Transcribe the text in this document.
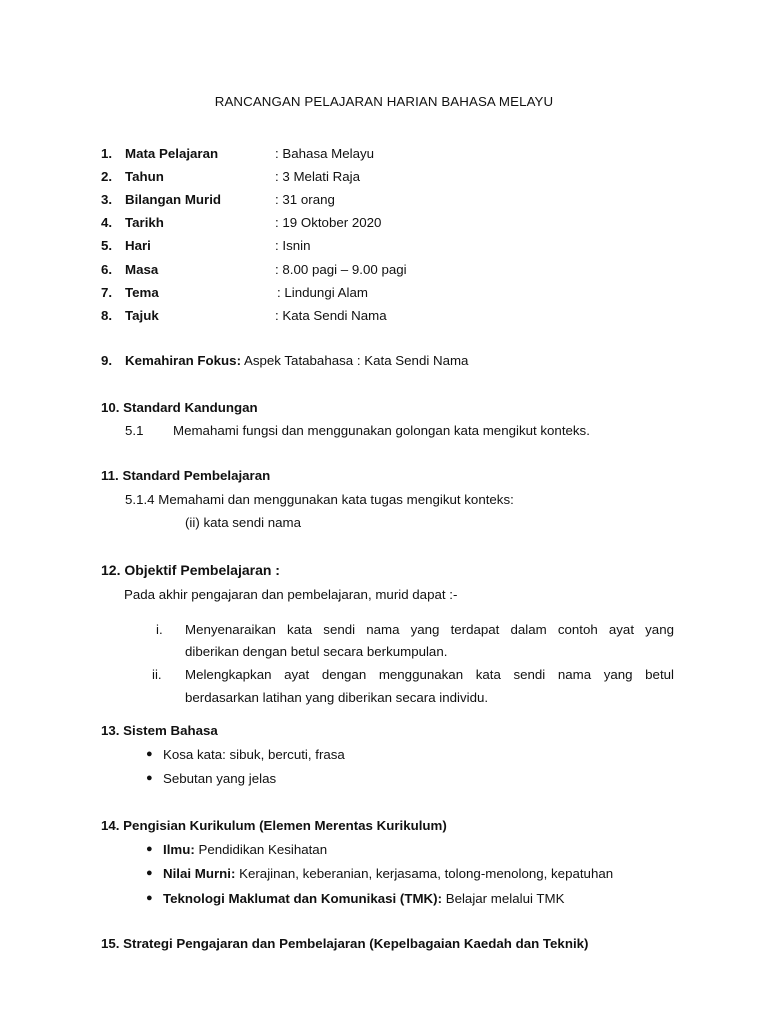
RANCANGAN PELAJARAN HARIAN BAHASA MELAYU
1. Mata Pelajaran	: Bahasa Melayu
2. Tahun	: 3 Melati Raja
3. Bilangan Murid	: 31 orang
4. Tarikh	: 19 Oktober 2020
5. Hari	: Isnin
6. Masa	: 8.00 pagi – 9.00 pagi
7. Tema	: Lindungi Alam
8. Tajuk	: Kata Sendi Nama
9. Kemahiran Fokus: Aspek Tatabahasa : Kata Sendi Nama
10. Standard Kandungan
5.1 Memahami fungsi dan menggunakan golongan kata mengikut konteks.
11. Standard Pembelajaran
5.1.4 Memahami dan menggunakan kata tugas mengikut konteks:
(ii) kata sendi nama
12. Objektif Pembelajaran :
Pada akhir pengajaran dan pembelajaran, murid dapat :-
i. Menyenaraikan kata sendi nama yang terdapat dalam contoh ayat yang
diberikan dengan betul secara berkumpulan.
ii. Melengkapkan ayat dengan menggunakan kata sendi nama yang betul
berdasarkan latihan yang diberikan secara individu.
13. Sistem Bahasa
● Kosa kata: sibuk, bercuti, frasa
● Sebutan yang jelas
14. Pengisian Kurikulum (Elemen Merentas Kurikulum)
● Ilmu: Pendidikan Kesihatan
● Nilai Murni: Kerajinan, keberanian, kerjasama, tolong-menolong, kepatuhan
● Teknologi Maklumat dan Komunikasi (TMK): Belajar melalui TMK
15. Strategi Pengajaran dan Pembelajaran (Kepelbagaian Kaedah dan Teknik)
